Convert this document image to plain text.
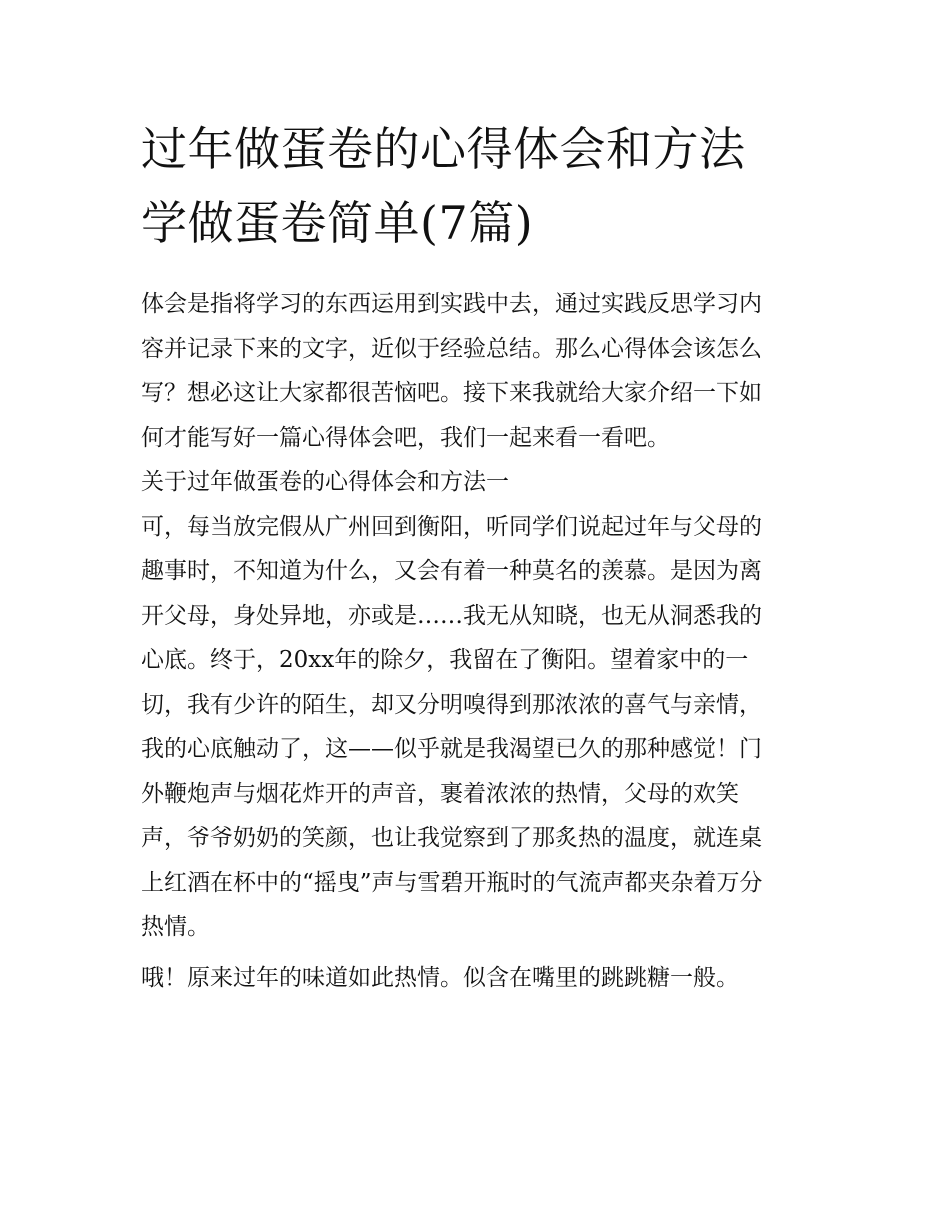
过年做蛋卷的心得体会和方法
学做蛋卷简单(7篇)

体会是指将学习的东西运用到实践中去，通过实践反思学习内
容并记录下来的文字，近似于经验总结。那么心得体会该怎么
写？想必这让大家都很苦恼吧。接下来我就给大家介绍一下如
何才能写好一篇心得体会吧，我们一起来看一看吧。

关于过年做蛋卷的心得体会和方法一

可，每当放完假从广州回到衡阳，听同学们说起过年与父母的
趣事时，不知道为什么，又会有着一种莫名的羡慕。是因为离
开父母，身处异地，亦或是……我无从知晓，也无从洞悉我的
心底。终于，20xx年的除夕，我留在了衡阳。望着家中的一
切，我有少许的陌生，却又分明嗅得到那浓浓的喜气与亲情，
我的心底触动了，这——似乎就是我渴望已久的那种感觉！门
外鞭炮声与烟花炸开的声音，裹着浓浓的热情，父母的欢笑
声，爷爷奶奶的笑颜，也让我觉察到了那炙热的温度，就连桌
上红酒在杯中的“摇曳”声与雪碧开瓶时的气流声都夹杂着万分
热情。

哦！原来过年的味道如此热情。似含在嘴里的跳跳糖一般。
